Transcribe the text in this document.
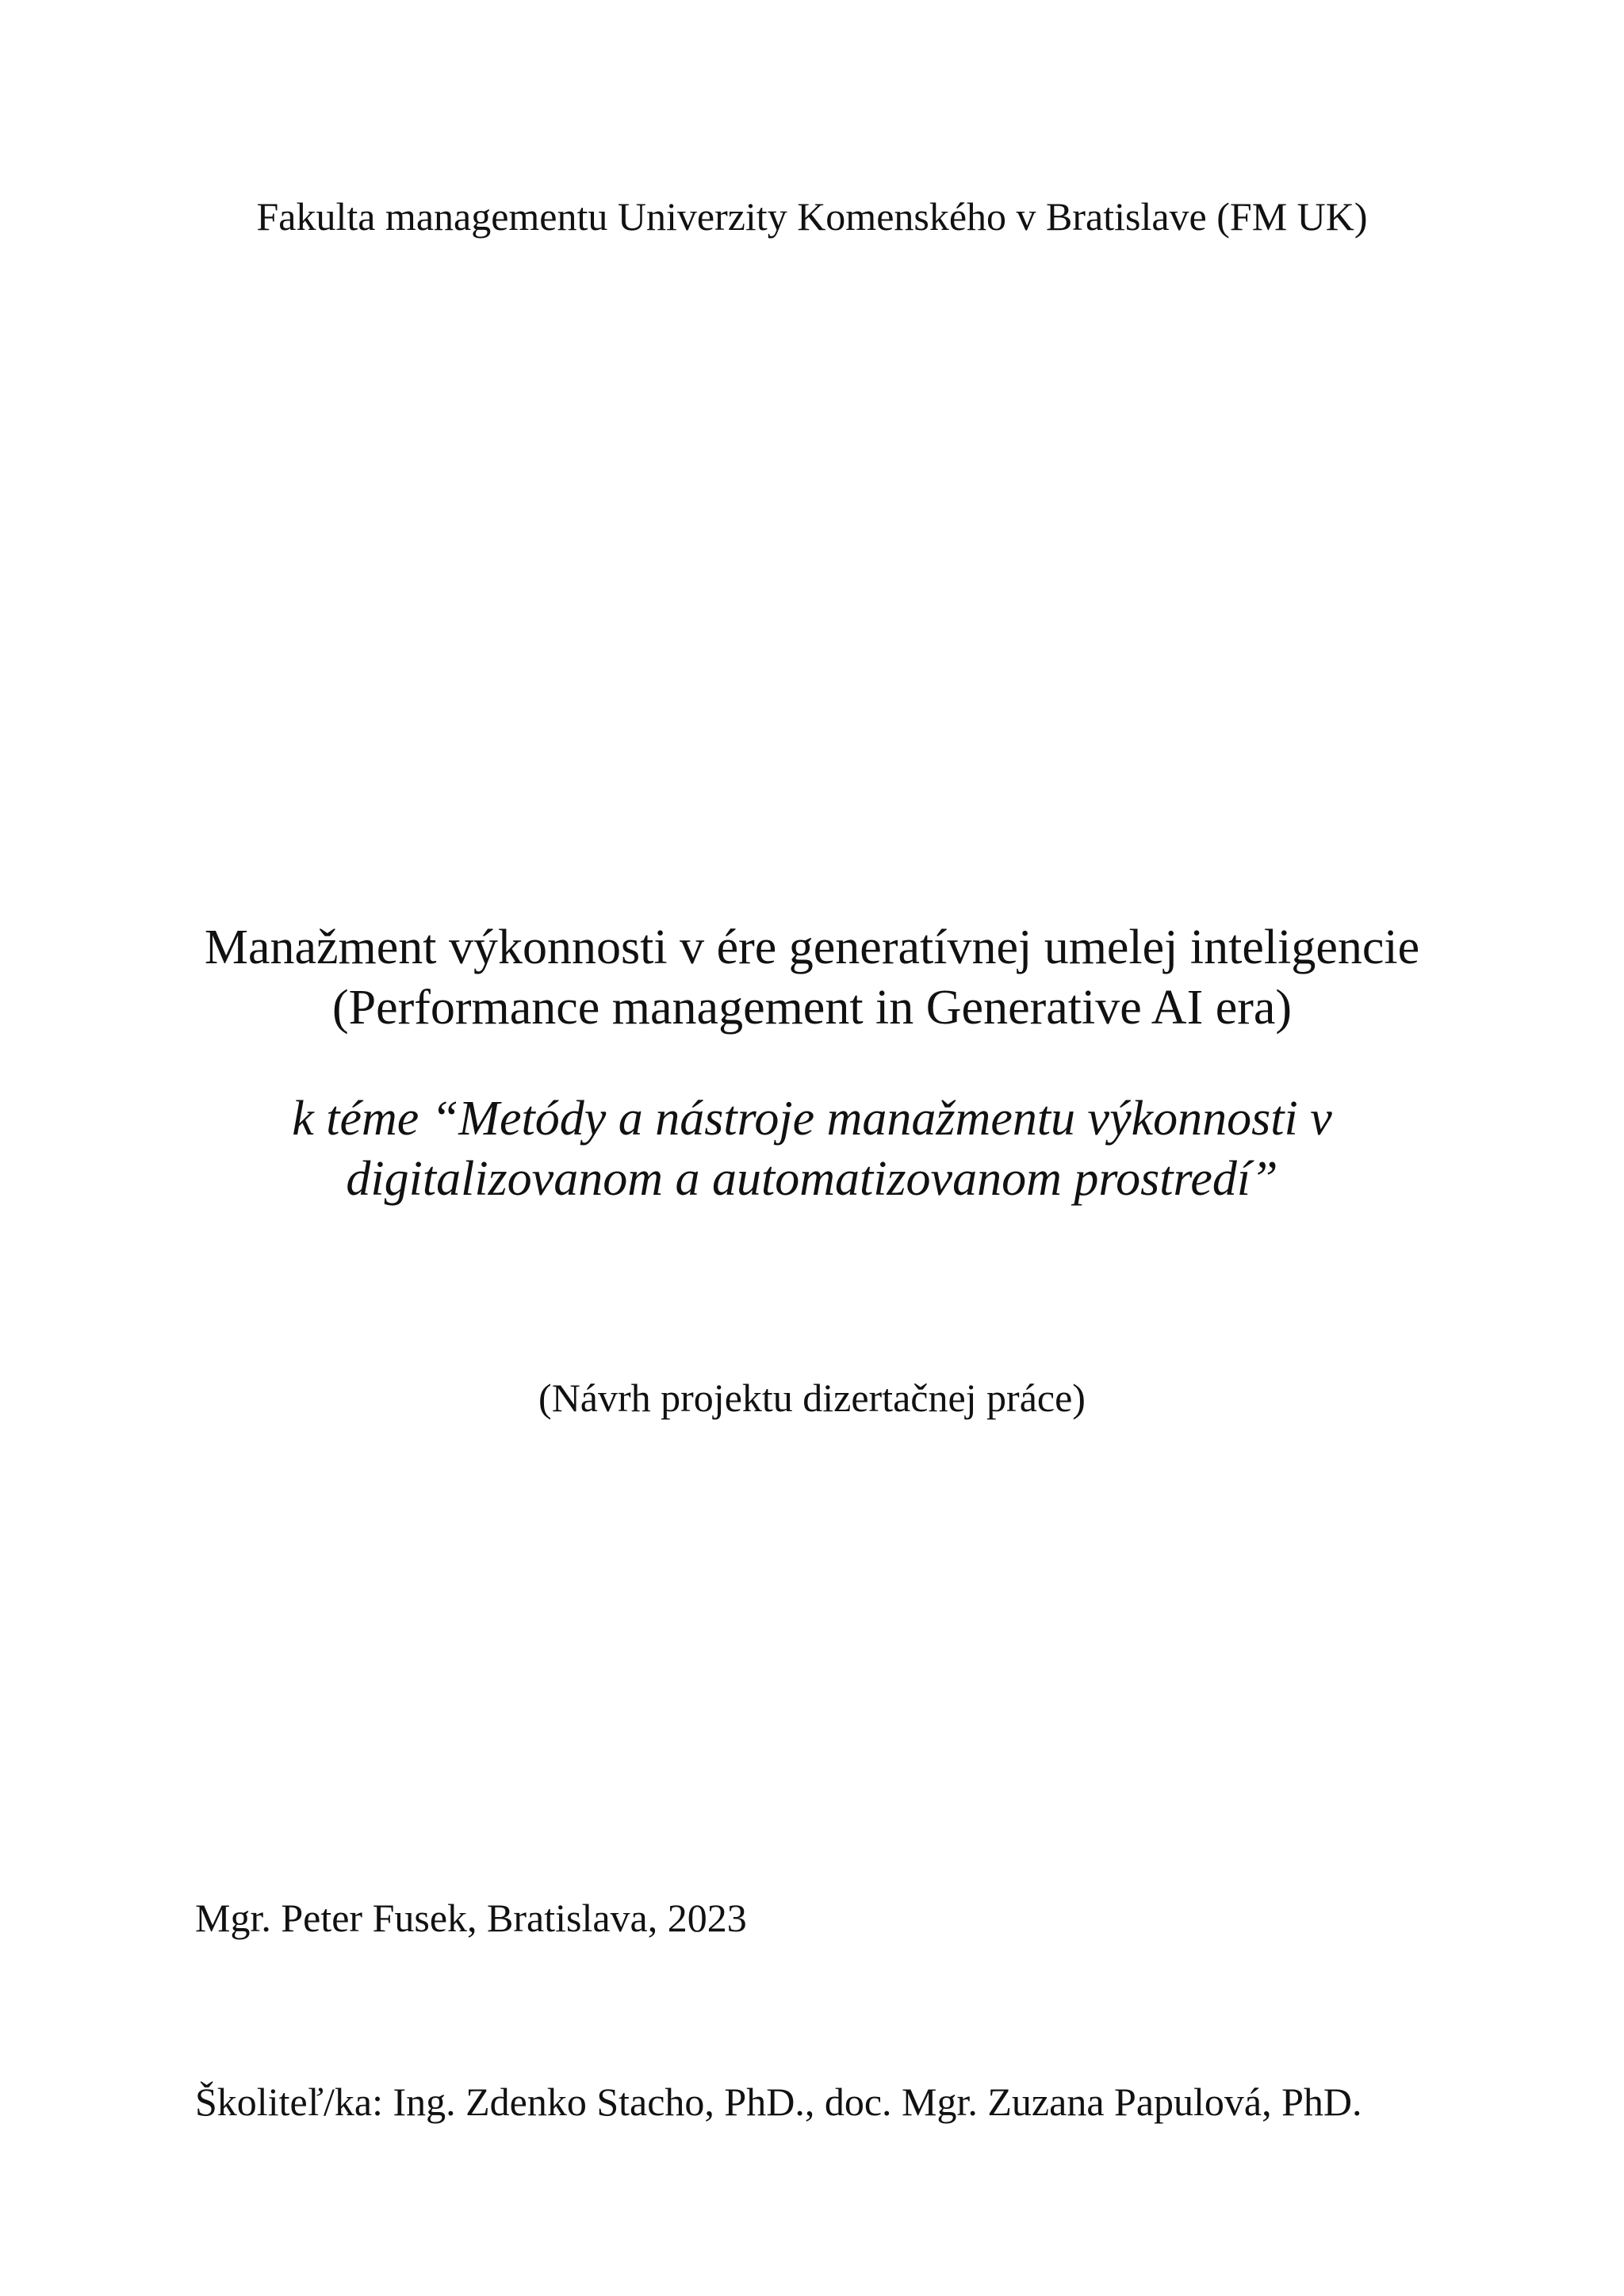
Fakulta managementu Univerzity Komenského v Bratislave (FM UK)
Manažment výkonnosti v ére generatívnej umelej inteligencie
(Performance management in Generative AI era)
k téme “Metódy a nástroje manažmentu výkonnosti v
digitalizovanom a automatizovanom prostredí”
(Návrh projektu dizertačnej práce)
Mgr. Peter Fusek, Bratislava, 2023
Školiteľ/ka: Ing. Zdenko Stacho, PhD., doc. Mgr. Zuzana Papulová, PhD.
